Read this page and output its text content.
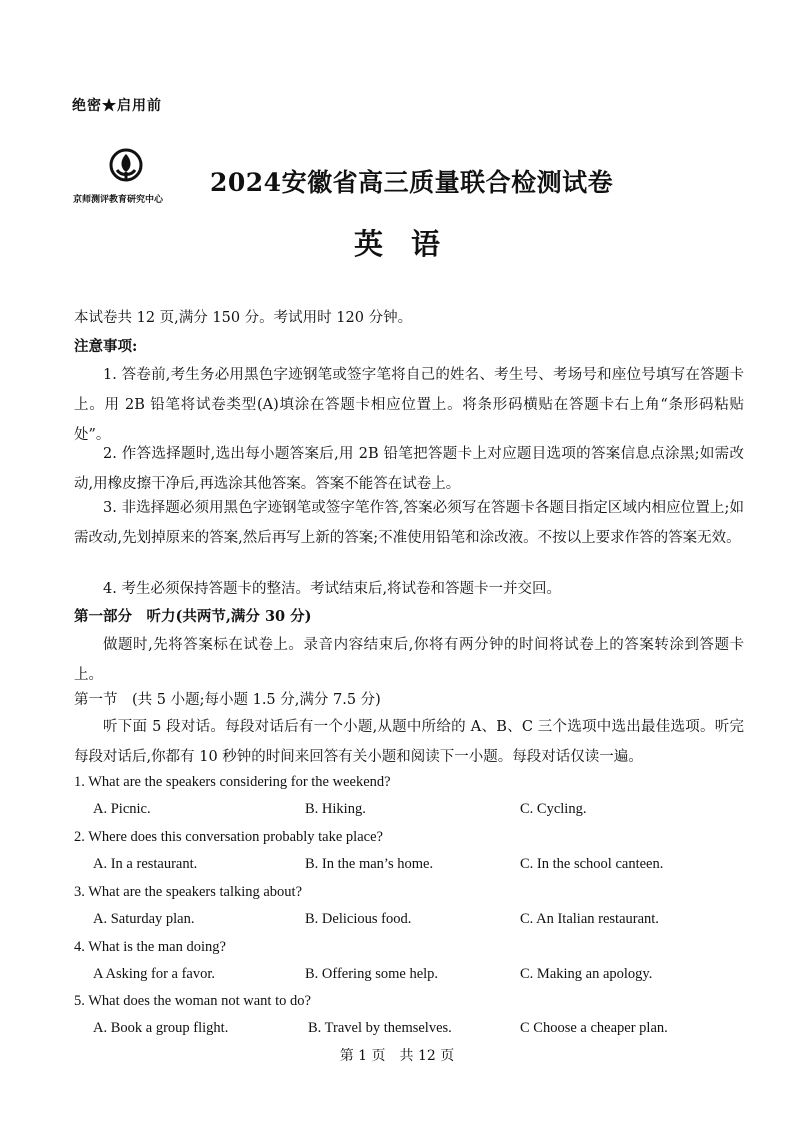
绝密★启用前
京师测评教育研究中心
2024安徽省高三质量联合检测试卷
英语
本试卷共 12 页,满分 150 分。考试用时 120 分钟。
注意事项:
1. 答卷前,考生务必用黑色字迹钢笔或签字笔将自己的姓名、考生号、考场号和座位号填写在答题卡上。用 2B 铅笔将试卷类型(A)填涂在答题卡相应位置上。将条形码横贴在答题卡右上角“条形码粘贴处”。
2. 作答选择题时,选出每小题答案后,用 2B 铅笔把答题卡上对应题目选项的答案信息点涂黑;如需改动,用橡皮擦干净后,再选涂其他答案。答案不能答在试卷上。
3. 非选择题必须用黑色字迹钢笔或签字笔作答,答案必须写在答题卡各题目指定区域内相应位置上;如需改动,先划掉原来的答案,然后再写上新的答案;不准使用铅笔和涂改液。不按以上要求作答的答案无效。
4. 考生必须保持答题卡的整洁。考试结束后,将试卷和答题卡一并交回。
第一部分　听力(共两节,满分 30 分)
做题时,先将答案标在试卷上。录音内容结束后,你将有两分钟的时间将试卷上的答案转涂到答题卡上。
第一节　(共 5 小题;每小题 1.5 分,满分 7.5 分)
听下面 5 段对话。每段对话后有一个小题,从题中所给的 A、B、C 三个选项中选出最佳选项。听完每段对话后,你都有 10 秒钟的时间来回答有关小题和阅读下一小题。每段对话仅读一遍。
1. What are the speakers considering for the weekend?
A. Picnic.	B. Hiking.	C. Cycling.
2. Where does this conversation probably take place?
A. In a restaurant.	B. In the man’s home.	C. In the school canteen.
3. What are the speakers talking about?
A. Saturday plan.	B. Delicious food.	C. An Italian restaurant.
4. What is the man doing?
A Asking for a favor.	B. Offering some help.	C. Making an apology.
5. What does the woman not want to do?
A. Book a group flight.	B. Travel by themselves.	C Choose a cheaper plan.
第 1 页　共 12 页
